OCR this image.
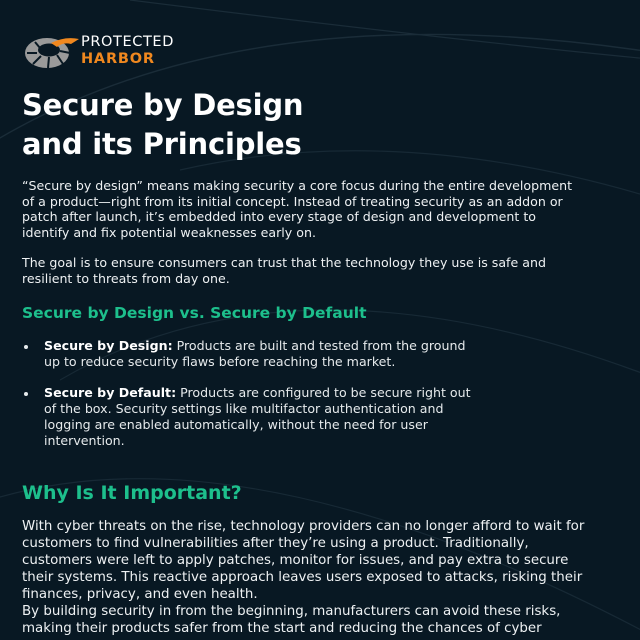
PROTECTED
HARBOR
Secure by Design
and its Principles

“Secure by design” means making security a core focus during the entire development
of a product—right from its initial concept. Instead of treating security as an addon or
patch after launch, it’s embedded into every stage of design and development to
identify and fix potential weaknesses early on.

The goal is to ensure consumers can trust that the technology they use is safe and
resilient to threats from day one.

Secure by Design vs. Secure by Default
Secure by Design: Products are built and tested from the ground
up to reduce security flaws before reaching the market.
Secure by Default: Products are configured to be secure right out
of the box. Security settings like multifactor authentication and
logging are enabled automatically, without the need for user
intervention.
Why Is It Important?

With cyber threats on the rise, technology providers can no longer afford to wait for
customers to find vulnerabilities after they’re using a product. Traditionally,
customers were left to apply patches, monitor for issues, and pay extra to secure
their systems. This reactive approach leaves users exposed to attacks, risking their
finances, privacy, and even health.
By building security in from the beginning, manufacturers can avoid these risks,
making their products safer from the start and reducing the chances of cyber
